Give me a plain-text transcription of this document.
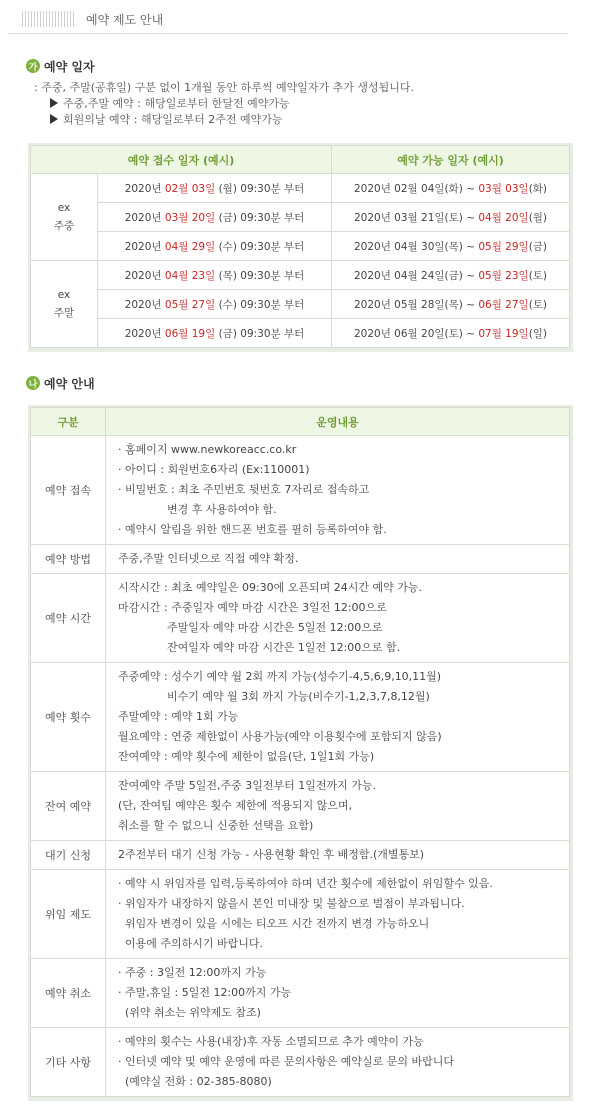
예약 제도 안내
가 예약 일자
: 주중, 주말(공휴일) 구분 없이 1개월 동안 하루씩 예약일자가 추가 생성됩니다.
주중,주말 예약 : 해당일로부터 한달전 예약가능
회원의날 예약 : 해당일로부터 2주전 예약가능
예약 접수 일자 (예시)		예약 가능 일자 (예시)

ex
주중	2020년 02월 03일 (월) 09:30분 부터	2020년 02월 04일(화) ~ 03월 03일(화)
	2020년 03월 20일 (금) 09:30분 부터	2020년 03월 21일(토) ~ 04월 20일(월)
	2020년 04월 29일 (수) 09:30분 부터	2020년 04월 30일(목) ~ 05월 29일(금)

ex
주말	2020년 04월 23일 (목) 09:30분 부터	2020년 04월 24일(금) ~ 05월 23일(토)
	2020년 05월 27일 (수) 09:30분 부터	2020년 05월 28일(목) ~ 06월 27일(토)
	2020년 06월 19일 (금) 09:30분 부터	2020년 06월 20일(토) ~ 07월 19일(일)
나 예약 안내
구분	운영내용
예약 접속	· 홈페이지 www.newkoreacc.co.kr
· 아이디 : 회원번호6자리 (Ex:110001)
· 비밀번호 : 최초 주민번호 뒷번호 7자리로 접속하고
변경 후 사용하여야 함.
· 예약시 알림을 위한 핸드폰 번호를 필히 등록하여야 함.

예약 방법	주중,주말 인터넷으로 직접 예약 확정.

예약 시간	시작시간 : 최초 예약일은 09:30에 오픈되며 24시간 예약 가능.
마감시간 : 주중일자 예약 마감 시간은 3일전 12:00으로
주말일자 예약 마감 시간은 5일전 12:00으로
잔여일자 예약 마감 시간은 1일전 12:00으로 함.

예약 횟수	주중예약 : 성수기 예약 월 2회 까지 가능(성수기-4,5,6,9,10,11월)
비수기 예약 월 3회 까지 가능(비수기-1,2,3,7,8,12월)
주말예약 : 예약 1회 가능
월요예약 : 연중 제한없이 사용가능(예약 이용횟수에 포함되지 않음)
잔여예약 : 예약 횟수에 제한이 없음(단, 1일1회 가능)

잔여 예약	잔여예약 주말 5일전,주중 3일전부터 1일전까지 가능.
(단, 잔여팀 예약은 횟수 제한에 적용되지 않으며,
취소를 할 수 없으니 신중한 선택을 요함)

대기 신청	2주전부터 대기 신청 가능 - 사용현황 확인 후 배정함.(개별통보)

위임 제도	· 예약 시 위임자를 입력,등록하여야 하며 년간 횟수에 제한없이 위임할수 있음.
· 위임자가 내장하지 않을시 본인 미내장 및 불참으로 벌점이 부과됩니다.
위임자 변경이 있을 시에는 티오프 시간 전까지 변경 가능하오니
이용에 주의하시기 바랍니다.

예약 취소	· 주중 : 3일전 12:00까지 가능
· 주말,휴일 : 5일전 12:00까지 가능
(위약 취소는 위약제도 참조)

기타 사항	· 예약의 횟수는 사용(내장)후 자동 소멸되므로 추가 예약이 가능
· 인터넷 예약 및 예약 운영에 따른 문의사항은 예약실로 문의 바랍니다
(예약실 전화 : 02-385-8080)
